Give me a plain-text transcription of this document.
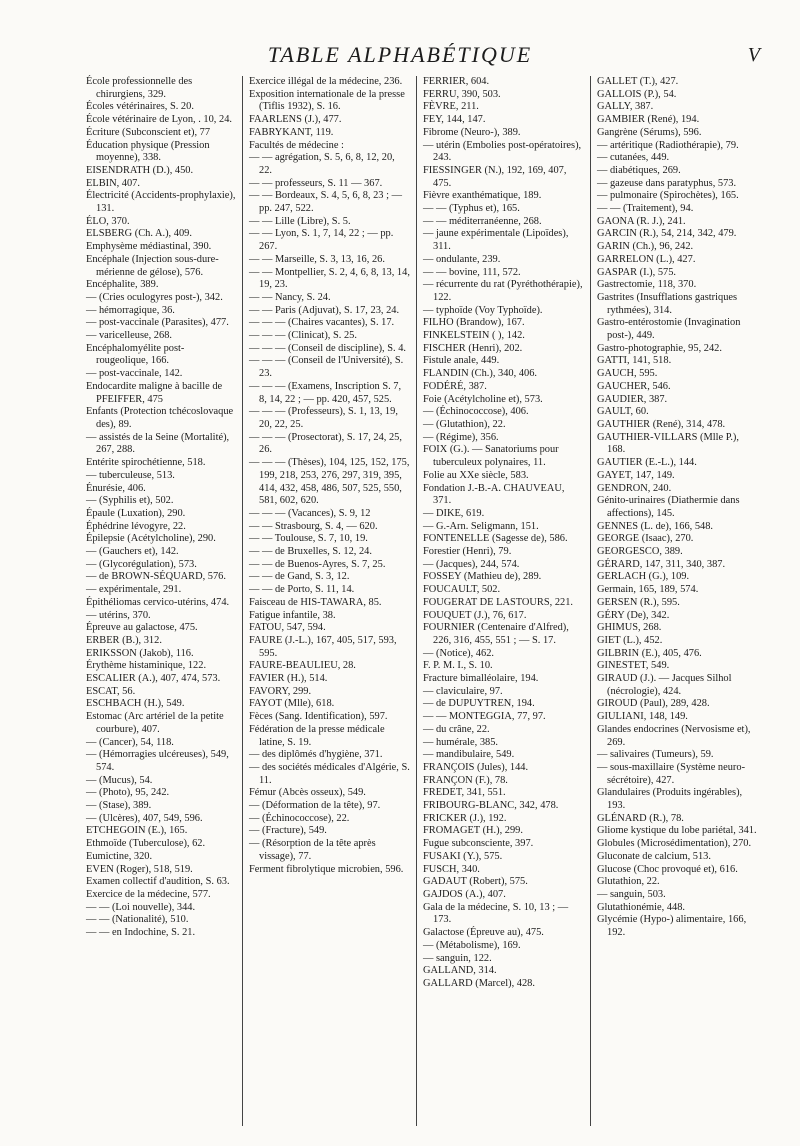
TABLE ALPHABÉTIQUE	V
École professionnelle des chirurgiens, 329.
Écoles vétérinaires, S. 20.
École vétérinaire de Lyon, . 10, 24.
Écriture (Subconscient et), 77
Éducation physique (Pression moyenne), 338.
EISENDRATH (D.), 450.
ELBIN, 407.
Électricité (Accidents-prophylaxie), 131.
ÉLO, 370.
ELSBERG (Ch. A.), 409.
Emphysème médiastinal, 390.
Encéphale (Injection sous-dure-mérienne de gélose), 576.
Encéphalite, 389.
— (Cries oculogyres post-), 342.
— hémorragique, 36.
— post-vaccinale (Parasites), 477.
— varicelleuse, 268.
Encéphalomyélite post-rougeolique, 166.
— post-vaccinale, 142.
Endocardite maligne à bacille de PFEIFFER, 475
Enfants (Protection tchécoslovaque des), 89.
— assistés de la Seine (Mortalité), 267, 288.
Entérite spirochétienne, 518.
— tuberculeuse, 513.
Énurésie, 406.
— (Syphilis et), 502.
Épaule (Luxation), 290.
Éphédrine lévogyre, 22.
Épilepsie (Acétylcholine), 290.
— (Gauchers et), 142.
— (Glycorégulation), 573.
— de BROWN-SÉQUARD, 576.
— expérimentale, 291.
Épithéliomas cervico-utérins, 474.
— utérins, 370.
Épreuve au galactose, 475.
ERBER (B.), 312.
ERIKSSON (Jakob), 116.
Érythème histaminique, 122.
ESCALIER (A.), 407, 474, 573.
ESCAT, 56.
ESCHBACH (H.), 549.
Estomac (Arc artériel de la petite courbure), 407.
— (Cancer), 54, 118.
— (Hémorragies ulcéreuses), 549, 574.
— (Mucus), 54.
— (Photo), 95, 242.
— (Stase), 389.
— (Ulcères), 407, 549, 596.
ETCHEGOIN (E.), 165.
Ethmoïde (Tuberculose), 62.
Eumictine, 320.
EVEN (Roger), 518, 519.
Examen collectif d'audition, S. 63.
Exercice de la médecine, 577.
— — (Loi nouvelle), 344.
— — (Nationalité), 510.
— — en Indochine, S. 21.
Exercice illégal de la médecine, 236.
Exposition internationale de la presse (Tiflis 1932), S. 16.
FAARLENS (J.), 477.
FABRYKANT, 119.
Facultés de médecine :
— — agrégation, S. 5, 6, 8, 12, 20, 22.
— — professeurs, S. 11 — 367.
— — Bordeaux, S. 4, 5, 6, 8, 23 ; — pp. 247, 522.
— — Lille (Libre), S. 5.
— — Lyon, S. 1, 7, 14, 22 ; — pp. 267.
— — Marseille, S. 3, 13, 16, 26.
— — Montpellier, S. 2, 4, 6, 8, 13, 14, 19, 23.
— — Nancy, S. 24.
— — Paris (Adjuvat), S. 17, 23, 24.
— — — (Chaires vacantes), S. 17.
— — — (Clinicat), S. 25.
— — — (Conseil de discipline), S. 4.
— — — (Conseil de l'Université), S. 23.
— — — (Examens, Inscription S. 7, 8, 14, 22 ; — pp. 420, 457, 525.
— — — (Professeurs), S. 1, 13, 19, 20, 22, 25.
— — — (Prosectorat), S. 17, 24, 25, 26.
— — — (Thèses), 104, 125, 152, 175, 199, 218, 253, 276, 297, 319, 395, 414, 432, 458, 486, 507, 525, 550, 581, 602, 620.
— — — (Vacances), S. 9, 12
— — Strasbourg, S. 4, — 620.
— — Toulouse, S. 7, 10, 19.
— — de Bruxelles, S. 12, 24.
— — de Buenos-Ayres, S. 7, 25.
— — de Gand, S. 3, 12.
— — de Porto, S. 11, 14.
Faisceau de HIS-TAWARA, 85.
Fatigue infantile, 38.
FATOU, 547, 594.
FAURE (J.-L.), 167, 405, 517, 593, 595.
FAURE-BEAULIEU, 28.
FAVIER (H.), 514.
FAVORY, 299.
FAYOT (Mlle), 618.
Fèces (Sang. Identification), 597.
Fédération de la presse médicale latine, S. 19.
— des diplômés d'hygiène, 371.
— des sociétés médicales d'Algérie, S. 11.
Fémur (Abcès osseux), 549.
— (Déformation de la tête), 97.
— (Échinococcose), 22.
— (Fracture), 549.
— (Résorption de la tête après vissage), 77.
Ferment fibrolytique microbien, 596.
FERRIER, 604.
FERRU, 390, 503.
FÈVRE, 211.
FEY, 144, 147.
Fibrome (Neuro-), 389.
— utérin (Embolies post-opératoires), 243.
FIESSINGER (N.), 192, 169, 407, 475.
Fièvre exanthématique, 189.
— — (Typhus et), 165.
— — méditerranéenne, 268.
— jaune expérimentale (Lipoïdes), 311.
— ondulante, 239.
— — bovine, 111, 572.
— récurrente du rat (Pyréthothérapie), 122.
— typhoïde (Voy Typhoïde).
FILHO (Brandow), 167.
FINKELSTEIN ( ), 142.
FISCHER (Henri), 202.
Fistule anale, 449.
FLANDIN (Ch.), 340, 406.
FODÉRÉ, 387.
Foie (Acétylcholine et), 573.
— (Échinococcose), 406.
— (Glutathion), 22.
— (Régime), 356.
FOIX (G.). — Sanatoriums pour tuberculeux polynaires, 11.
Folie au XXe siècle, 583.
Fondation J.-B.-A. CHAUVEAU, 371.
— DIKE, 619.
— G.-Arn. Seligmann, 151.
FONTENELLE (Sagesse de), 586.
Forestier (Henri), 79.
— (Jacques), 244, 574.
FOSSEY (Mathieu de), 289.
FOUCAULT, 502.
FOUGERAT DE LASTOURS, 221.
FOUQUET (J.), 76, 617.
FOURNIER (Centenaire d'Alfred), 226, 316, 455, 551 ; — S. 17.
— (Notice), 462.
F. P. M. I., S. 10.
Fracture bimalléolaire, 194.
— claviculaire, 97.
— de DUPUYTREN, 194.
— — MONTEGGIA, 77, 97.
— du crâne, 22.
— humérale, 385.
— mandibulaire, 549.
FRANÇOIS (Jules), 144.
FRANÇON (F.), 78.
FREDET, 341, 551.
FRIBOURG-BLANC, 342, 478.
FRICKER (J.), 192.
FROMAGET (H.), 299.
Fugue subconsciente, 397.
FUSAKI (Y.), 575.
FUSCH, 340.
GADAUT (Robert), 575.
GAJDOS (A.), 407.
Gala de la médecine, S. 10, 13 ; — 173.
Galactose (Épreuve au), 475.
— (Métabolisme), 169.
— sanguin, 122.
GALLAND, 314.
GALLARD (Marcel), 428.
GALLET (T.), 427.
GALLOIS (P.), 54.
GALLY, 387.
GAMBIER (René), 194.
Gangrène (Sérums), 596.
— artéritique (Radiothérapie), 79.
— cutanées, 449.
— diabétiques, 269.
— gazeuse dans paratyphus, 573.
— pulmonaire (Spirochètes), 165.
— — (Traitement), 94.
GAONA (R. J.), 241.
GARCIN (R.), 54, 214, 342, 479.
GARIN (Ch.), 96, 242.
GARRELON (L.), 427.
GASPAR (I.), 575.
Gastrectomie, 118, 370.
Gastrites (Insufflations gastriques rythmées), 314.
Gastro-entérostomie (Invagination post-), 449.
Gastro-photographie, 95, 242.
GATTI, 141, 518.
GAUCH, 595.
GAUCHER, 546.
GAUDIER, 387.
GAULT, 60.
GAUTHIER (René), 314, 478.
GAUTHIER-VILLARS (Mlle P.), 168.
GAUTIER (E.-L.), 144.
GAYET, 147, 149.
GENDRON, 240.
Génito-urinaires (Diathermie dans affections), 145.
GENNES (L. de), 166, 548.
GEORGE (Isaac), 270.
GEORGESCO, 389.
GÉRARD, 147, 311, 340, 387.
GERLACH (G.), 109.
Germain, 165, 189, 574.
GERSEN (R.), 595.
GÉRY (De), 342.
GHIMUS, 268.
GIET (L.), 452.
GILBRIN (E.), 405, 476.
GINESTET, 549.
GIRAUD (J.). — Jacques Silhol (nécrologie), 424.
GIROUD (Paul), 289, 428.
GIULIANI, 148, 149.
Glandes endocrines (Nervosisme et), 269.
— salivaires (Tumeurs), 59.
— sous-maxillaire (Système neuro-sécrétoire), 427.
Glandulaires (Produits ingérables), 193.
GLÉNARD (R.), 78.
Gliome kystique du lobe pariétal, 341.
Globules (Microsédimentation), 270.
Gluconate de calcium, 513.
Glucose (Choc provoqué et), 616.
Glutathion, 22.
— sanguin, 503.
Glutathionémie, 448.
Glycémie (Hypo-) alimentaire, 166, 192.
